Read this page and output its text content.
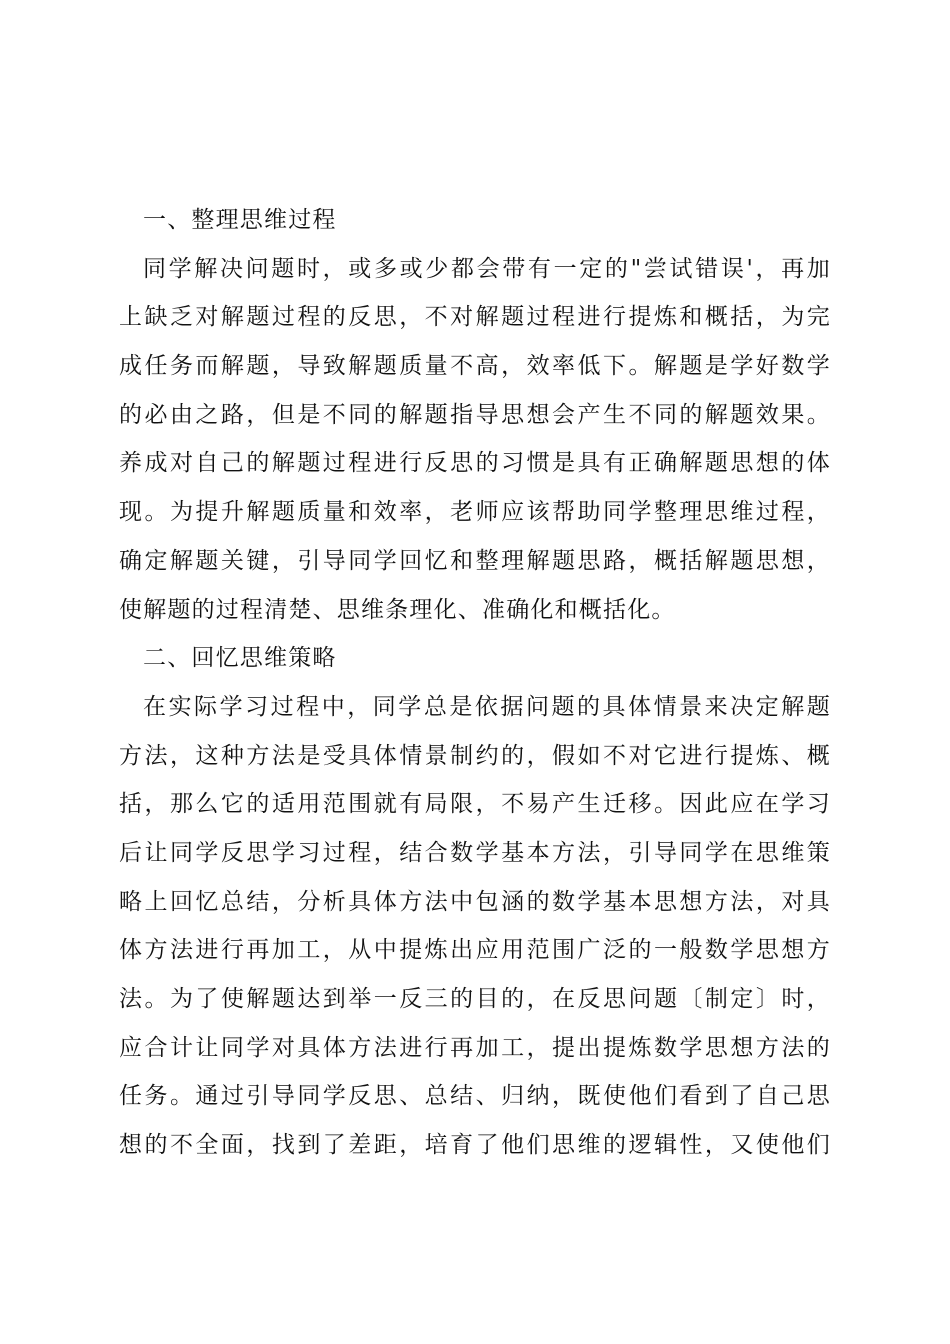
一、整理思维过程
同学解决问题时，或多或少都会带有一定的"尝试错误'，再加
上缺乏对解题过程的反思，不对解题过程进行提炼和概括，为完
成任务而解题，导致解题质量不高，效率低下。解题是学好数学
的必由之路，但是不同的解题指导思想会产生不同的解题效果。
养成对自己的解题过程进行反思的习惯是具有正确解题思想的体
现。为提升解题质量和效率，老师应该帮助同学整理思维过程，
确定解题关键，引导同学回忆和整理解题思路，概括解题思想，
使解题的过程清楚、思维条理化、准确化和概括化。
二、回忆思维策略
在实际学习过程中，同学总是依据问题的具体情景来决定解题
方法，这种方法是受具体情景制约的，假如不对它进行提炼、概
括，那么它的适用范围就有局限，不易产生迁移。因此应在学习
后让同学反思学习过程，结合数学基本方法，引导同学在思维策
略上回忆总结，分析具体方法中包涵的数学基本思想方法，对具
体方法进行再加工，从中提炼出应用范围广泛的一般数学思想方
法。为了使解题达到举一反三的目的，在反思问题〔制定〕时，
应合计让同学对具体方法进行再加工，提出提炼数学思想方法的
任务。通过引导同学反思、总结、归纳，既使他们看到了自己思
想的不全面，找到了差距，培育了他们思维的逻辑性，又使他们
